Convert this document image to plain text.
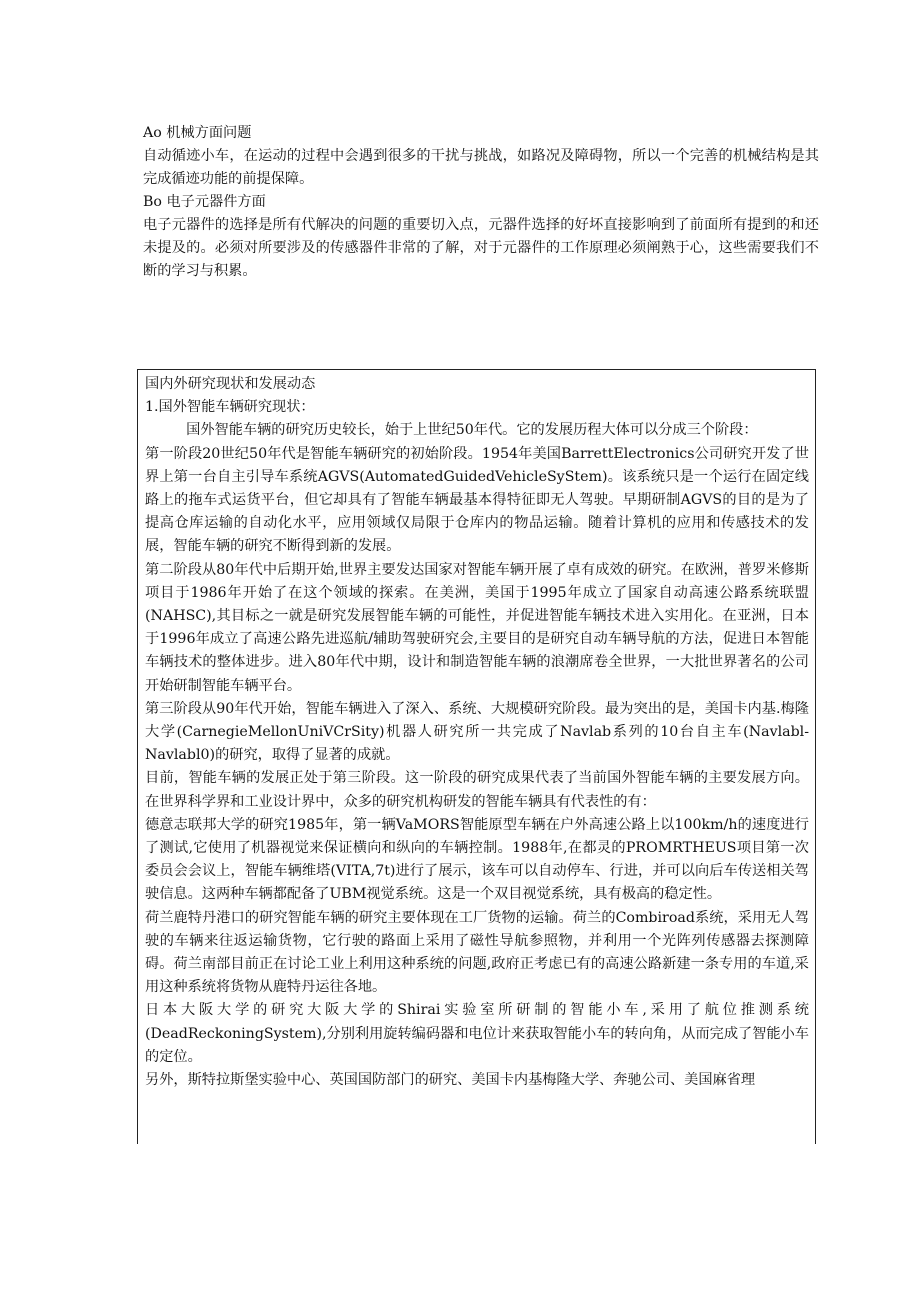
Ao 机械方面问题

自动循迹小车，在运动的过程中会遇到很多的干扰与挑战，如路况及障碍物，所以一个完善的机械结构是其完成循迹功能的前提保障。

Bo 电子元器件方面

电子元器件的选择是所有代解决的问题的重要切入点，元器件选择的好坏直接影响到了前面所有提到的和还未提及的。必须对所要涉及的传感器件非常的了解，对于元器件的工作原理必须阐熟于心，这些需要我们不断的学习与积累。

国内外研究现状和发展动态

1.国外智能车辆研究现状：

国外智能车辆的研究历史较长，始于上世纪50年代。它的发展历程大体可以分成三个阶段：

第一阶段20世纪50年代是智能车辆研究的初始阶段。1954年美国BarrettElectronics公司研究开发了世界上第一台自主引导车系统AGVS(AutomatedGuidedVehicleSyStem)。该系统只是一个运行在固定线路上的拖车式运货平台，但它却具有了智能车辆最基本得特征即无人驾驶。早期研制AGVS的目的是为了提高仓库运输的自动化水平，应用领域仅局限于仓库内的物品运输。随着计算机的应用和传感技术的发展，智能车辆的研究不断得到新的发展。

第二阶段从80年代中后期开始,世界主要发达国家对智能车辆开展了卓有成效的研究。在欧洲，普罗米修斯项目于1986年开始了在这个领域的探索。在美洲，美国于1995年成立了国家自动高速公路系统联盟(NAHSC),其目标之一就是研究发展智能车辆的可能性，并促进智能车辆技术进入实用化。在亚洲，日本于1996年成立了高速公路先进巡航/辅助驾驶研究会,主要目的是研究自动车辆导航的方法，促进日本智能车辆技术的整体进步。进入80年代中期，设计和制造智能车辆的浪潮席卷全世界，一大批世界著名的公司开始研制智能车辆平台。

第三阶段从90年代开始，智能车辆进入了深入、系统、大规模研究阶段。最为突出的是，美国卡内基.梅隆大学(CarnegieMellonUniVCrSity)机器人研究所一共完成了Navlab系列的10台自主车(Navlabl-Navlabl0)的研究，取得了显著的成就。

目前，智能车辆的发展正处于第三阶段。这一阶段的研究成果代表了当前国外智能车辆的主要发展方向。在世界科学界和工业设计界中，众多的研究机构研发的智能车辆具有代表性的有：

德意志联邦大学的研究1985年，第一辆VaMORS智能原型车辆在户外高速公路上以100km/h的速度进行了测试,它使用了机器视觉来保证横向和纵向的车辆控制。1988年,在都灵的PROMRTHEUS项目第一次委员会会议上，智能车辆维塔(VITA,7t)进行了展示，该车可以自动停车、行进，并可以向后车传送相关驾驶信息。这两种车辆都配备了UBM视觉系统。这是一个双目视觉系统，具有极高的稳定性。

荷兰鹿特丹港口的研究智能车辆的研究主要体现在工厂货物的运输。荷兰的Combiroad系统，采用无人驾驶的车辆来往返运输货物，它行驶的路面上采用了磁性导航参照物，并利用一个光阵列传感器去探测障碍。荷兰南部目前正在讨论工业上利用这种系统的问题,政府正考虑已有的高速公路新建一条专用的车道,采用这种系统将货物从鹿特丹运往各地。

日本大阪大学的研究大阪大学的Shirai实验室所研制的智能小车,采用了航位推测系统(DeadReckoningSystem),分别利用旋转编码器和电位计来获取智能小车的转向角，从而完成了智能小车的定位。

另外，斯特拉斯堡实验中心、英国国防部门的研究、美国卡内基梅隆大学、奔驰公司、美国麻省理
